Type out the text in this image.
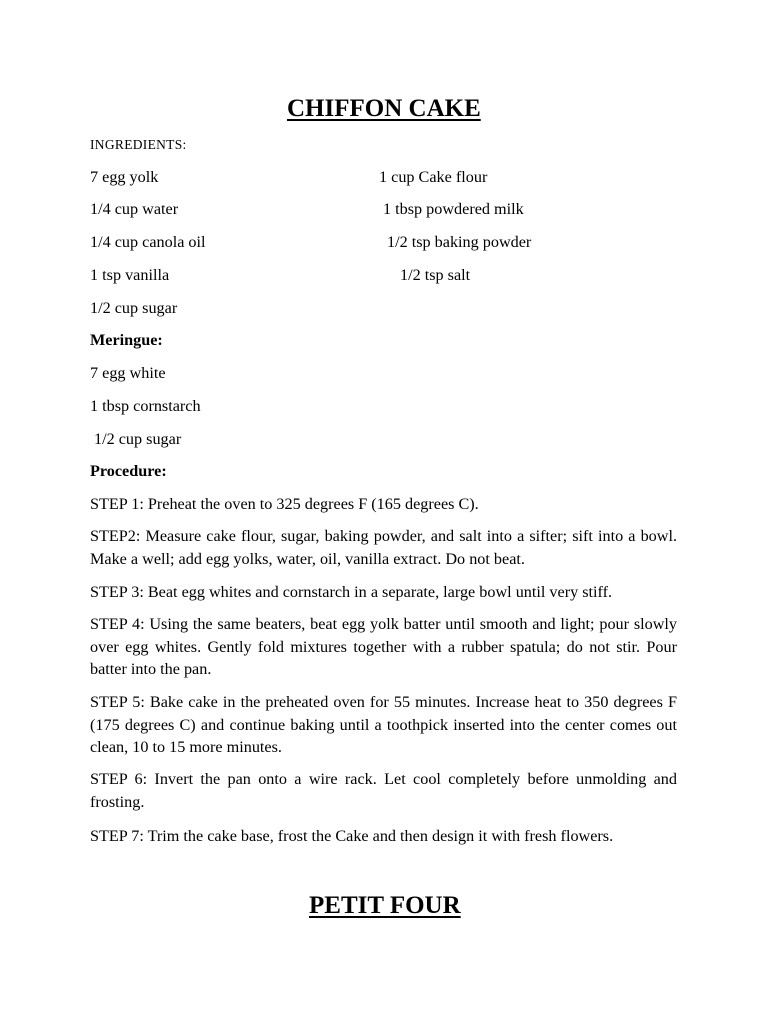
CHIFFON CAKE
INGREDIENTS:
7 egg yolk
1/4 cup water
1/4 cup canola oil
1 tsp vanilla
1/2 cup sugar
1 cup Cake flour
1 tbsp powdered milk
1/2 tsp baking powder
1/2 tsp salt
Meringue:
7 egg white
1 tbsp cornstarch
1/2 cup sugar
Procedure:
STEP 1: Preheat the oven to 325 degrees F (165 degrees C).
STEP2: Measure cake flour, sugar, baking powder, and salt into a sifter; sift into a bowl. Make a well; add egg yolks, water, oil, vanilla extract. Do not beat.
STEP 3: Beat egg whites and cornstarch in a separate, large bowl until very stiff.
STEP 4: Using the same beaters, beat egg yolk batter until smooth and light; pour slowly over egg whites. Gently fold mixtures together with a rubber spatula; do not stir. Pour batter into the pan.
STEP 5: Bake cake in the preheated oven for 55 minutes. Increase heat to 350 degrees F (175 degrees C) and continue baking until a toothpick inserted into the center comes out clean, 10 to 15 more minutes.
STEP 6: Invert the pan onto a wire rack. Let cool completely before unmolding and frosting.
STEP 7: Trim the cake base, frost the Cake and then design it with fresh flowers.
PETIT FOUR
